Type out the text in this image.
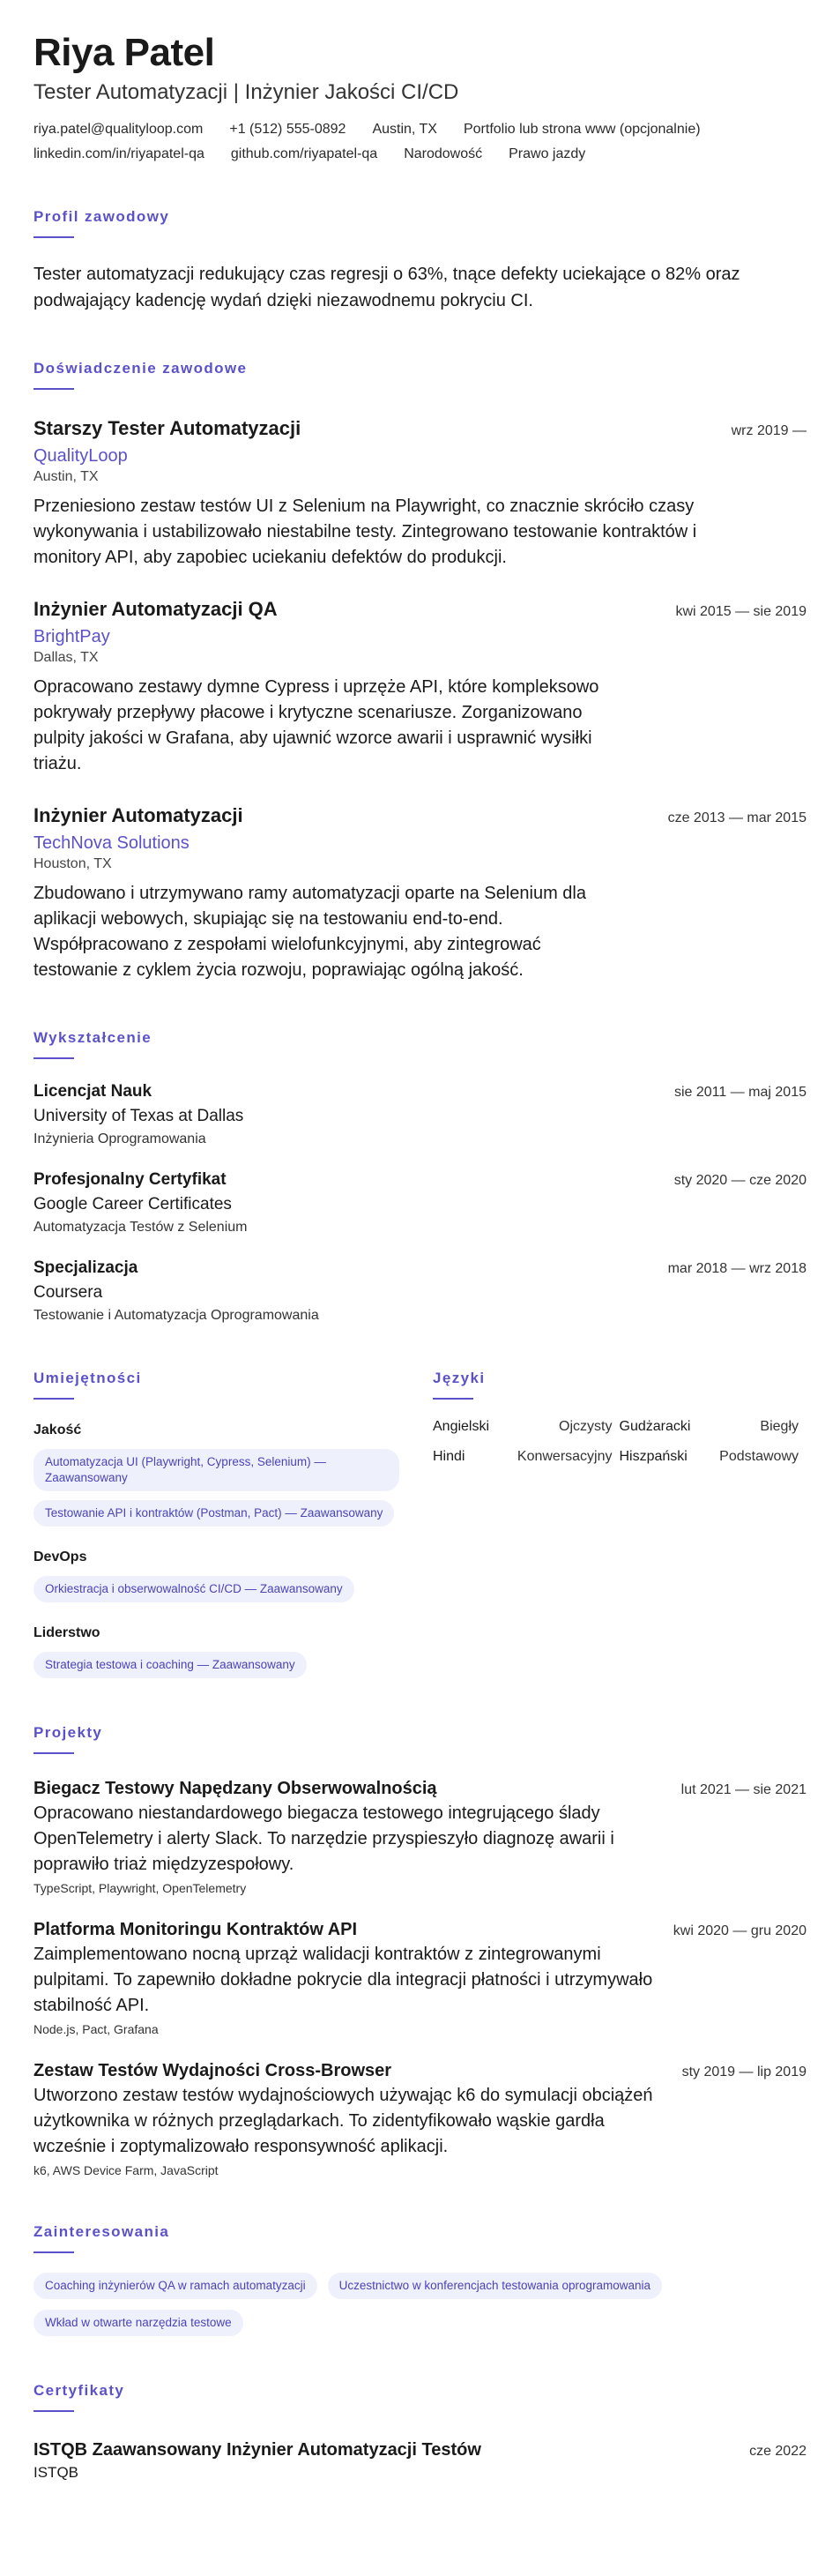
Riya Patel
Tester Automatyzacji | Inżynier Jakości CI/CD
riya.patel@qualityloop.com +1 (512) 555-0892 Austin, TX Portfolio lub strona www (opcjonalnie)
linkedin.com/in/riyapatel-qa github.com/riyapatel-qa Narodowość Prawo jazdy
Profil zawodowy

Tester automatyzacji redukujący czas regresji o 63%, tnące defekty uciekające o 82% oraz podwajający kadencję wydań dzięki niezawodnemu pokryciu CI.

Doświadczenie zawodowe
Starszy Tester Automatyzacji	wrz 2019 —
QualityLoop
Austin, TX

Przeniesiono zestaw testów UI z Selenium na Playwright, co znacznie skróciło czasy wykonywania i ustabilizowało niestabilne testy. Zintegrowano testowanie kontraktów i monitory API, aby zapobiec uciekaniu defektów do produkcji.

Inżynier Automatyzacji QA	kwi 2015 — sie 2019
BrightPay
Dallas, TX

Opracowano zestawy dymne Cypress i uprzęże API, które kompleksowo pokrywały przepływy płacowe i krytyczne scenariusze. Zorganizowano pulpity jakości w Grafana, aby ujawnić wzorce awarii i usprawnić wysiłki triażu.

Inżynier Automatyzacji	cze 2013 — mar 2015
TechNova Solutions
Houston, TX

Zbudowano i utrzymywano ramy automatyzacji oparte na Selenium dla aplikacji webowych, skupiając się na testowaniu end-to-end. Współpracowano z zespołami wielofunkcyjnymi, aby zintegrować testowanie z cyklem życia rozwoju, poprawiając ogólną jakość.

Wykształcenie
Licencjat Nauk	sie 2011 — maj 2015
University of Texas at Dallas
Inżynieria Oprogramowania
Profesjonalny Certyfikat	sty 2020 — cze 2020
Google Career Certificates
Automatyzacja Testów z Selenium
Specjalizacja	mar 2018 — wrz 2018
Coursera
Testowanie i Automatyzacja Oprogramowania
Umiejętności
Jakość
Automatyzacja UI (Playwright, Cypress, Selenium) — Zaawansowany
Testowanie API i kontraktów (Postman, Pact) — Zaawansowany
DevOps
Orkiestracja i obserwowalność CI/CD — Zaawansowany
Liderstwo
Strategia testowa i coaching — Zaawansowany
Języki
Angielski	Ojczysty Gudżaracki	Biegły
Hindi	Konwersacyjny Hiszpański Podstawowy
Projekty
Biegacz Testowy Napędzany Obserwowalnością	lut 2021 — sie 2021

Opracowano niestandardowego biegacza testowego integrującego ślady OpenTelemetry i alerty Slack. To narzędzie przyspieszyło diagnozę awarii i poprawiło triaż międzyzespołowy.

TypeScript, Playwright, OpenTelemetry
Platforma Monitoringu Kontraktów API	kwi 2020 — gru 2020

Zaimplementowano nocną uprząż walidacji kontraktów z zintegrowanymi pulpitami. To zapewniło dokładne pokrycie dla integracji płatności i utrzymywało stabilność API.

Node.js, Pact, Grafana
Zestaw Testów Wydajności Cross-Browser	sty 2019 — lip 2019

Utworzono zestaw testów wydajnościowych używając k6 do symulacji obciążeń użytkownika w różnych przeglądarkach. To zidentyfikowało wąskie gardła wcześnie i zoptymalizowało responsywność aplikacji.

k6, AWS Device Farm, JavaScript
Zainteresowania
Coaching inżynierów QA w ramach automatyzacji	Uczestnictwo w konferencjach testowania oprogramowania
Wkład w otwarte narzędzia testowe
Certyfikaty
ISTQB Zaawansowany Inżynier Automatyzacji Testów	cze 2022
ISTQB
